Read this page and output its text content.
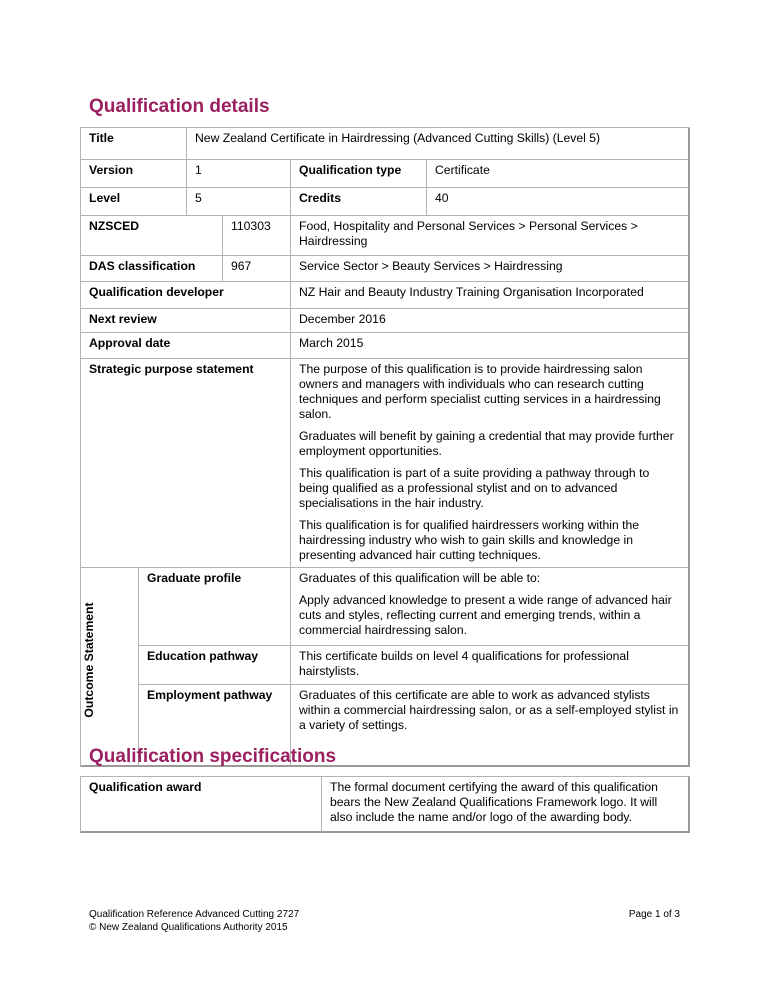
Qualification details
Title	New Zealand Certificate in Hairdressing (Advanced Cutting Skills) (Level 5)
Version	1	Qualification type	Certificate
Level	5	Credits	40
NZSCED	110303	Food, Hospitality and Personal Services > Personal Services > Hairdressing
DAS classification	967	Service Sector > Beauty Services > Hairdressing
Qualification developer	NZ Hair and Beauty Industry Training Organisation Incorporated
Next review	December 2016
Approval date	March 2015
Strategic purpose statement	The purpose of this qualification is to provide hairdressing salon owners and managers with individuals who can research cutting techniques and perform specialist cutting services in a hairdressing salon.

Graduates will benefit by gaining a credential that may provide further employment opportunities.

This qualification is part of a suite providing a pathway through to being qualified as a professional stylist and on to advanced specialisations in the hair industry.

This qualification is for qualified hairdressers working within the hairdressing industry who wish to gain skills and knowledge in presenting advanced hair cutting techniques.

Graduate profile	Graduates of this qualification will be able to:

Apply advanced knowledge to present a wide range of advanced hair cuts and styles, reflecting current and emerging trends, within a commercial hairdressing salon.

Education pathway	This certificate builds on level 4 qualifications for professional hairstylists.
Employment pathway	Graduates of this certificate are able to work as advanced stylists within a commercial hairdressing salon, or as a self-employed stylist in a variety of settings.
Outcome Statement
Qualification specifications
Qualification award	The formal document certifying the award of this qualification bears the New Zealand Qualifications Framework logo. It will also include the name and/or logo of the awarding body.
Qualification Reference Advanced Cutting 2727
© New Zealand Qualifications Authority 2015
Page 1 of 3
